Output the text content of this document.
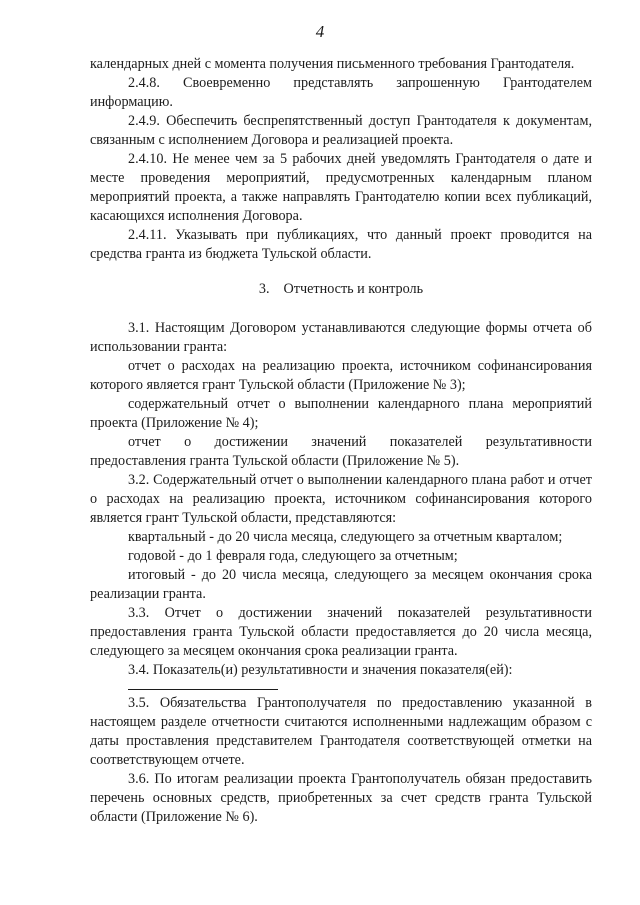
4

календарных дней с момента получения письменного требования Грантодателя.

2.4.8. Своевременно представлять запрошенную Грантодателем информацию.

2.4.9. Обеспечить беспрепятственный доступ Грантодателя к документам, связанным с исполнением Договора и реализацией проекта.

2.4.10. Не менее чем за 5 рабочих дней уведомлять Грантодателя о дате и месте проведения мероприятий, предусмотренных календарным планом мероприятий проекта, а также направлять Грантодателю копии всех публикаций, касающихся исполнения Договора.

2.4.11. Указывать при публикациях, что данный проект проводится на средства гранта из бюджета Тульской области.

3. Отчетность и контроль

3.1. Настоящим Договором устанавливаются следующие формы отчета об использовании гранта:

отчет о расходах на реализацию проекта, источником софинансирования которого является грант Тульской области (Приложение № 3);

содержательный отчет о выполнении календарного плана мероприятий проекта (Приложение № 4);

отчет о достижении значений показателей результативности предоставления гранта Тульской области (Приложение № 5).

3.2. Содержательный отчет о выполнении календарного плана работ и отчет о расходах на реализацию проекта, источником софинансирования которого является грант Тульской области, представляются:

квартальный - до 20 числа месяца, следующего за отчетным кварталом;

годовой - до 1 февраля года, следующего за отчетным;

итоговый - до 20 числа месяца, следующего за месяцем окончания срока реализации гранта.

3.3. Отчет о достижении значений показателей результативности предоставления гранта Тульской области предоставляется до 20 числа месяца, следующего за месяцем окончания срока реализации гранта.

3.4. Показатель(и) результативности и значения показателя(ей):

3.5. Обязательства Грантополучателя по предоставлению указанной в настоящем разделе отчетности считаются исполненными надлежащим образом с даты проставления представителем Грантодателя соответствующей отметки на соответствующем отчете.

3.6. По итогам реализации проекта Грантополучатель обязан предоставить перечень основных средств, приобретенных за счет средств гранта Тульской области (Приложение № 6).
